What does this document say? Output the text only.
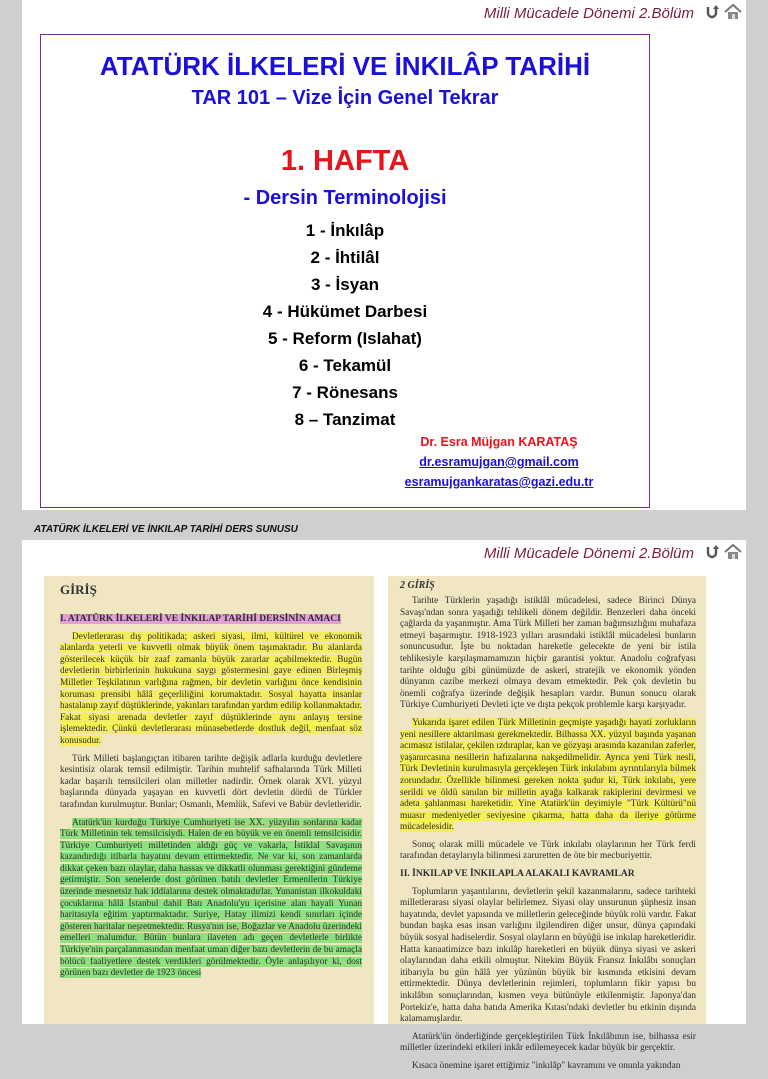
Milli Mücadele Dönemi 2.Bölüm
ATATÜRK İLKELERİ VE İNKILÂP TARİHİ
TAR 101 – Vize İçin Genel Tekrar
1. HAFTA
- Dersin Terminolojisi
1 - İnkılâp
2 - İhtilâl
3 - İsyan
4 - Hükümet Darbesi
5 - Reform (Islahat)
6 - Tekamül
7 - Rönesans
8 – Tanzimat
Dr. Esra Müjgan KARATAŞ
dr.esramujgan@gmail.com
esramujgankaratas@gazi.edu.tr
ATATÜRK İLKELERİ VE İNKILAP TARİHİ DERS SUNUSU
Milli Mücadele Dönemi 2.Bölüm
GİRİŞ
I. ATATÜRK İLKELERİ VE İNKILAP TARİHİ DERSİNİN AMACI

Devletlerarası dış politikada; askeri siyasi, ilmi, kültürel ve ekonomik alanlarda yeterli ve kuvvetli olmak büyük önem taşımaktadır. Bu alanlarda gösterilecek küçük bir zaaf zamanla büyük zararlar açabilmektedir. Bugün devletlerin birbirlerinin hukukuna saygı göstermesini gaye edinen Birleşmiş Milletler Teşkilatının varlığına rağmen, bir devletin varlığını önce kendisinin koruması prensibi hâlâ geçerliliğini korumaktadır. Sosyal hayatta insanlar hastalanıp zayıf düştüklerinde, yakınları tarafından yardım edilip kollanmaktadır. Fakat siyasi arenada devletler zayıf düştüklerinde aynı anlayış tersine işlemektedir. Çünkü devletlerarası münasebetlerde dostluk değil, menfaat söz konusudur.

Türk Milleti başlangıçtan itibaren tarihte değişik adlarla kurduğu devletlere kesintisiz olarak temsil edilmiştir. Tarihin muhtelif safhalarında Türk Milleti kadar başarılı temsilcileri olan milletler nadirdir. Örnek olarak XVI. yüzyıl başlarında dünyada yaşayan en kuvvetli dört devletin dördü de Türkler tarafından kurulmuştur. Bunlar; Osmanlı, Memlük, Safevi ve Babür devletleridir.

Atatürk'ün kurduğu Türkiye Cumhuriyeti ise XX. yüzyılın sonlarına kadar Türk Milletinin tek temsilcisiydi. Halen de en büyük ve en önemli temsilcisidir. Türkiye Cumhuriyeti milletinden aldığı güç ve vakarla, İstiklal Savaşının kazandırdığı itibarla hayatını devam ettirmektedir. Ne var ki, son zamanlarda dikkat çeken bazı olaylar, daha hassas ve dikkatli olunması gerektiğini gündeme getirmiştir. Son senelerde dost görünen batılı devletler Ermenilerin Türkiye üzerinde mesnetsiz hak iddialarına destek olmaktadırlar. Yunanistan ilkokuldaki çocuklarına hâlâ İstanbul dahil Batı Anadolu'yu içerisine alan hayali Yunan haritasıyla eğitim yaptırmaktadır. Suriye, Hatay ilimizi kendi sınırları içinde gösteren haritalar neşretmektedir. Rusya'nın ise, Boğazlar ve Anadolu üzerindeki emelleri malumdur. Bütün bunlara ilaveten adı geçen devletlerle birlikte Türkiye'nin parçalanmasından menfaat uman diğer bazı devletlerin de bu amaçla bölücü faaliyetlere destek verdikleri görülmektedir. Öyle anlaşılıyor ki, dost görünen bazı devletler de 1923 öncesi

2 GİRİŞ

Tarihte Türklerin yaşadığı istiklâl mücadelesi, sadece Birinci Dünya Savaşı'ndan sonra yaşadığı tehlikeli dönem değildir. Benzerleri daha önceki çağlarda da yaşanmıştır. Ama Türk Milleti her zaman bağımsızlığını muhafaza etmeyi başarmıştır. 1918-1923 yılları arasındaki istiklâl mücadelesi bunların sonuncusudur. İşte bu noktadan hareketle gelecekte de yeni bir istila tehlikesiyle karşılaşmamamızın hiçbir garantisi yoktur. Anadolu coğrafyası tarihte olduğu gibi günümüzde de askeri, stratejik ve ekonomik yönden dünyanın cazibe merkezi olmaya devam etmektedir. Pek çok devletin bu önemli coğrafya üzerinde değişik hesapları vardır. Bunun sonucu olarak Türkiye Cumhuriyeti Devleti içte ve dışta pekçok problemle karşı karşıyadır.

Yukarıda işaret edilen Türk Milletinin geçmişte yaşadığı hayati zorlukların yeni nesillere aktarılması gerekmektedir. Bilhassa XX. yüzyıl başında yaşanan acımasız istilalar, çekilen ızdıraplar, kan ve gözyaşı arasında kazanılan zaferler, yaşanırcasına nesillerin hafızalarına nakşedilmelidir. Ayrıca yeni Türk nesli, Türk Devletinin kurulmasıyla gerçekleşen Türk inkılabını ayrıntılarıyla bilmek zorundadır. Özellikle bilinmesi gereken nokta şudur ki, Türk inkılabı, yere serildi ve öldü sanılan bir milletin ayağa kalkarak rakiplerini devirmesi ve adeta şahlanması hareketidir. Yine Atatürk'ün deyimiyle "Türk Kültürü"nü muasır medeniyetler seviyesine çıkarma, hatta daha da ileriye götürme mücadelesidir.

Sonuç olarak milli mücadele ve Türk inkılabı olaylarının her Türk ferdi tarafından detaylarıyla bilinmesi zaruretten de öte bir mecburiyettir.

II. İNKILAP VE İNKILAPLA ALAKALI KAVRAMLAR

Toplumların yaşantılarını, devletlerin şekil kazanmalarını, sadece tarihteki milletlerarası siyasi olaylar belirlemez. Siyasi olay unsurunun şüphesiz insan hayatında, devlet yapısında ve milletlerin geleceğinde büyük rolü vardır. Fakat bundan başka esas insan varlığını ilgilendiren diğer unsur, dünya çapındaki büyük sosyal hadiselerdir. Sosyal olayların en büyüğü ise inkılap hareketleridir. Hatta kanaatimizce bazı inkılâp hareketleri en büyük dünya siyasi ve askeri olaylarından daha etkili olmuştur. Nitekim Büyük Fransız İnkılâbı sonuçları itibarıyla bu gün hâlâ yer yüzünün büyük bir kısmında etkisini devam ettirmektedir. Dünya devletlerinin rejimleri, toplumların fikir yapısı bu inkılâbın sonuçlarından, kısmen veya bütünüyle etkilenmiştir. Japonya'dan Portekiz'e, hatta daha batıda Amerika Kıtası'ndaki devletler bu etkinin dışında kalamamışlardır.

Atatürk'ün önderliğinde gerçekleştirilen Türk İnkılâbının ise, bilhassa esir milletler üzerindeki etkileri inkâr edilemeyecek kadar büyük bir gerçektir.

Kısaca önemine işaret ettiğimiz "inkılâp" kavramını ve onunla yakından
